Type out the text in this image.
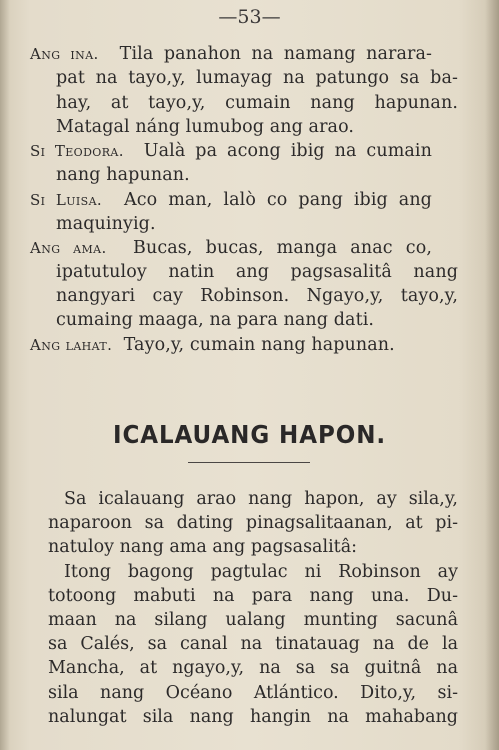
—53—
Ang ina. Tila panahon na namang narara-
pat na tayo,y, lumayag na patungo sa ba-
hay, at tayo,y, cumain nang hapunan.
Matagal náng lumubog ang arao.
Si Teodora. Ualà pa acong ibig na cumain
nang hapunan.
Si Luisa. Aco man, lalò co pang ibig ang
maquinyig.
Ang ama. Bucas, bucas, manga anac co,
ipatutuloy natin ang pagsasalitâ nang
nangyari cay Robinson. Ngayo,y, tayo,y,
cumaing maaga, na para nang dati.
Ang lahat. Tayo,y, cumain nang hapunan.
ICALAUANG HAPON.
Sa icalauang arao nang hapon, ay sila,y,
naparoon sa dating pinagsalitaanan, at pi-
natuloy nang ama ang pagsasalitâ:
Itong bagong pagtulac ni Robinson ay
totoong mabuti na para nang una. Du-
maan na silang ualang munting sacunâ
sa Calés, sa canal na tinatauag na de la
Mancha, at ngayo,y, na sa sa guitnâ na
sila nang Océano Atlántico. Dito,y, si-
nalungat sila nang hangin na mahabang
